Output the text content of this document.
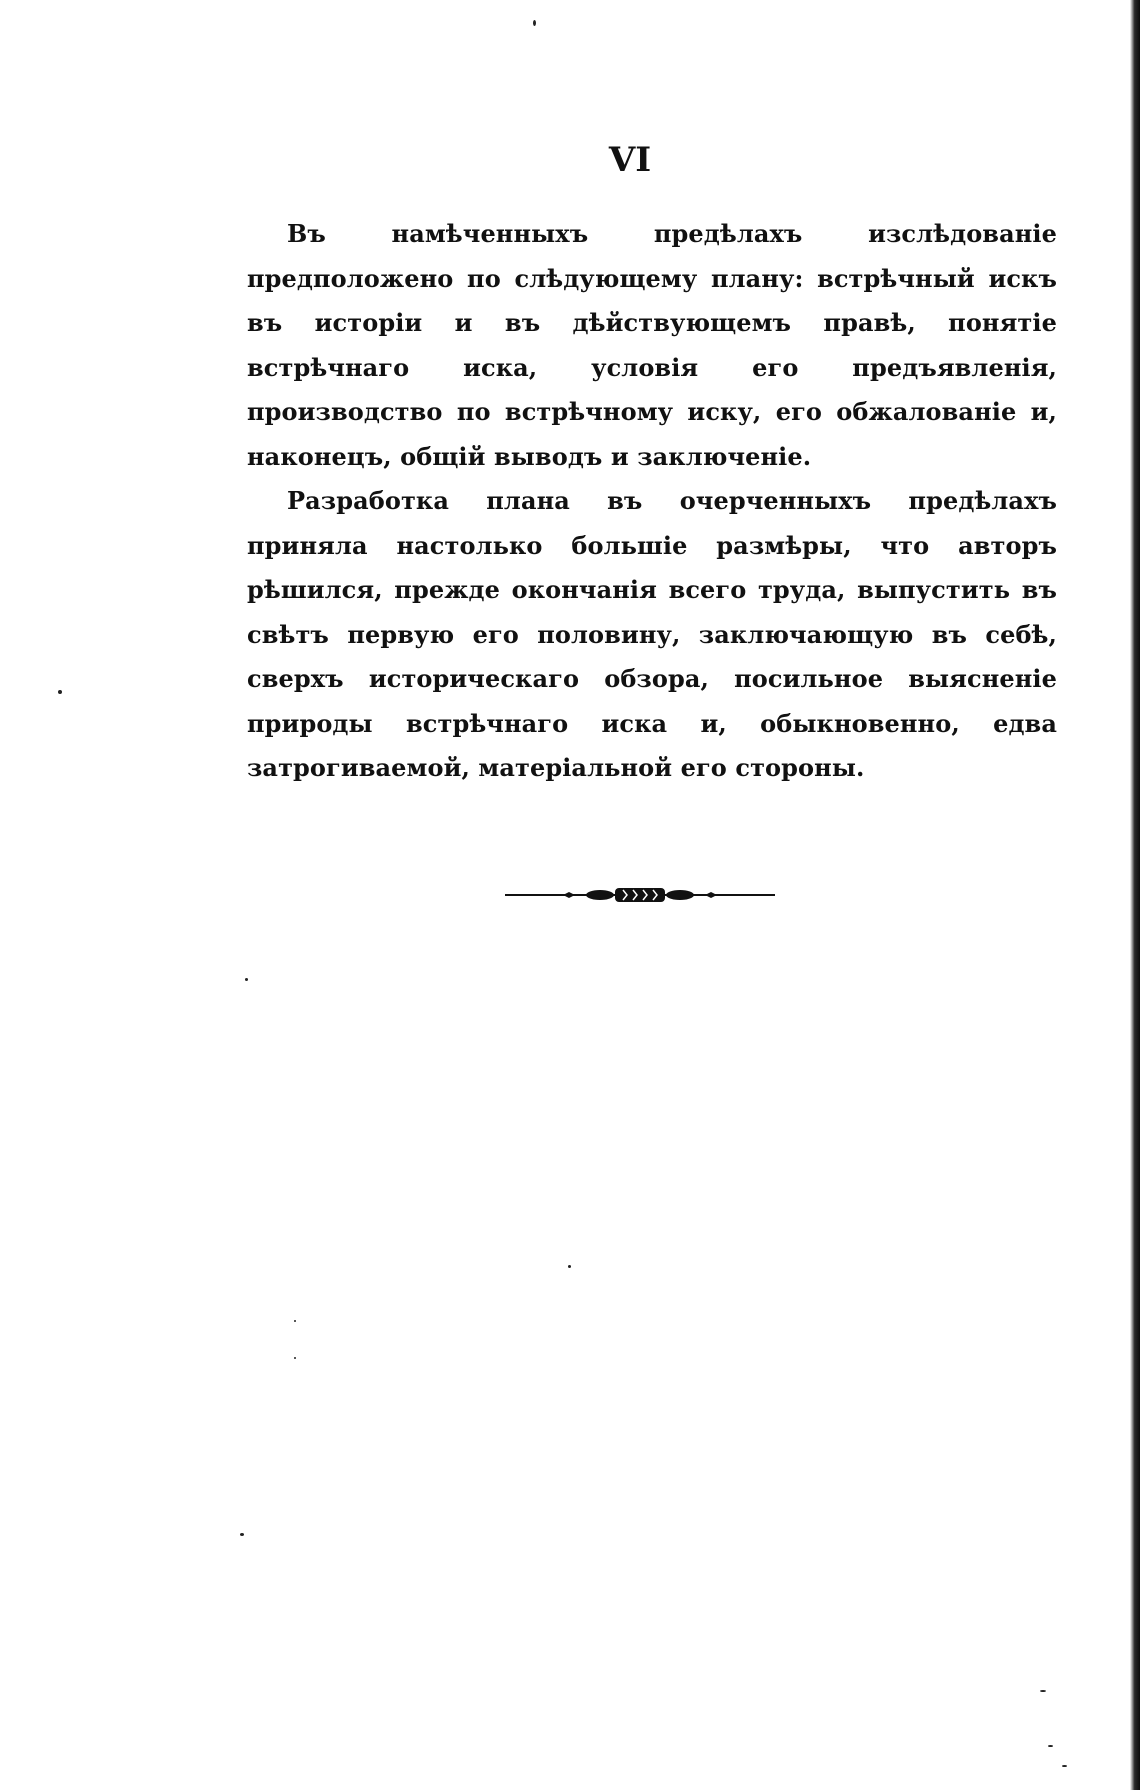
VI

Въ намѣченныхъ предѣлахъ изслѣдованіе предположено по слѣдующему плану: встрѣчный искъ въ исторіи и въ дѣйствующемъ правѣ, понятіе встрѣчнаго иска, условія его предъявленія, производство по встрѣчному иску, его обжалованіе и, наконецъ, общій выводъ и заключеніе.

Разработка плана въ очерченныхъ предѣлахъ приняла настолько большіе размѣры, что авторъ рѣшился, прежде окончанія всего труда, выпустить въ свѣтъ первую его половину, заключающую въ себѣ, сверхъ историческаго обзора, посильное выясненіе природы встрѣчнаго иска и, обыкновенно, едва затрогиваемой, матеріальной его стороны.
